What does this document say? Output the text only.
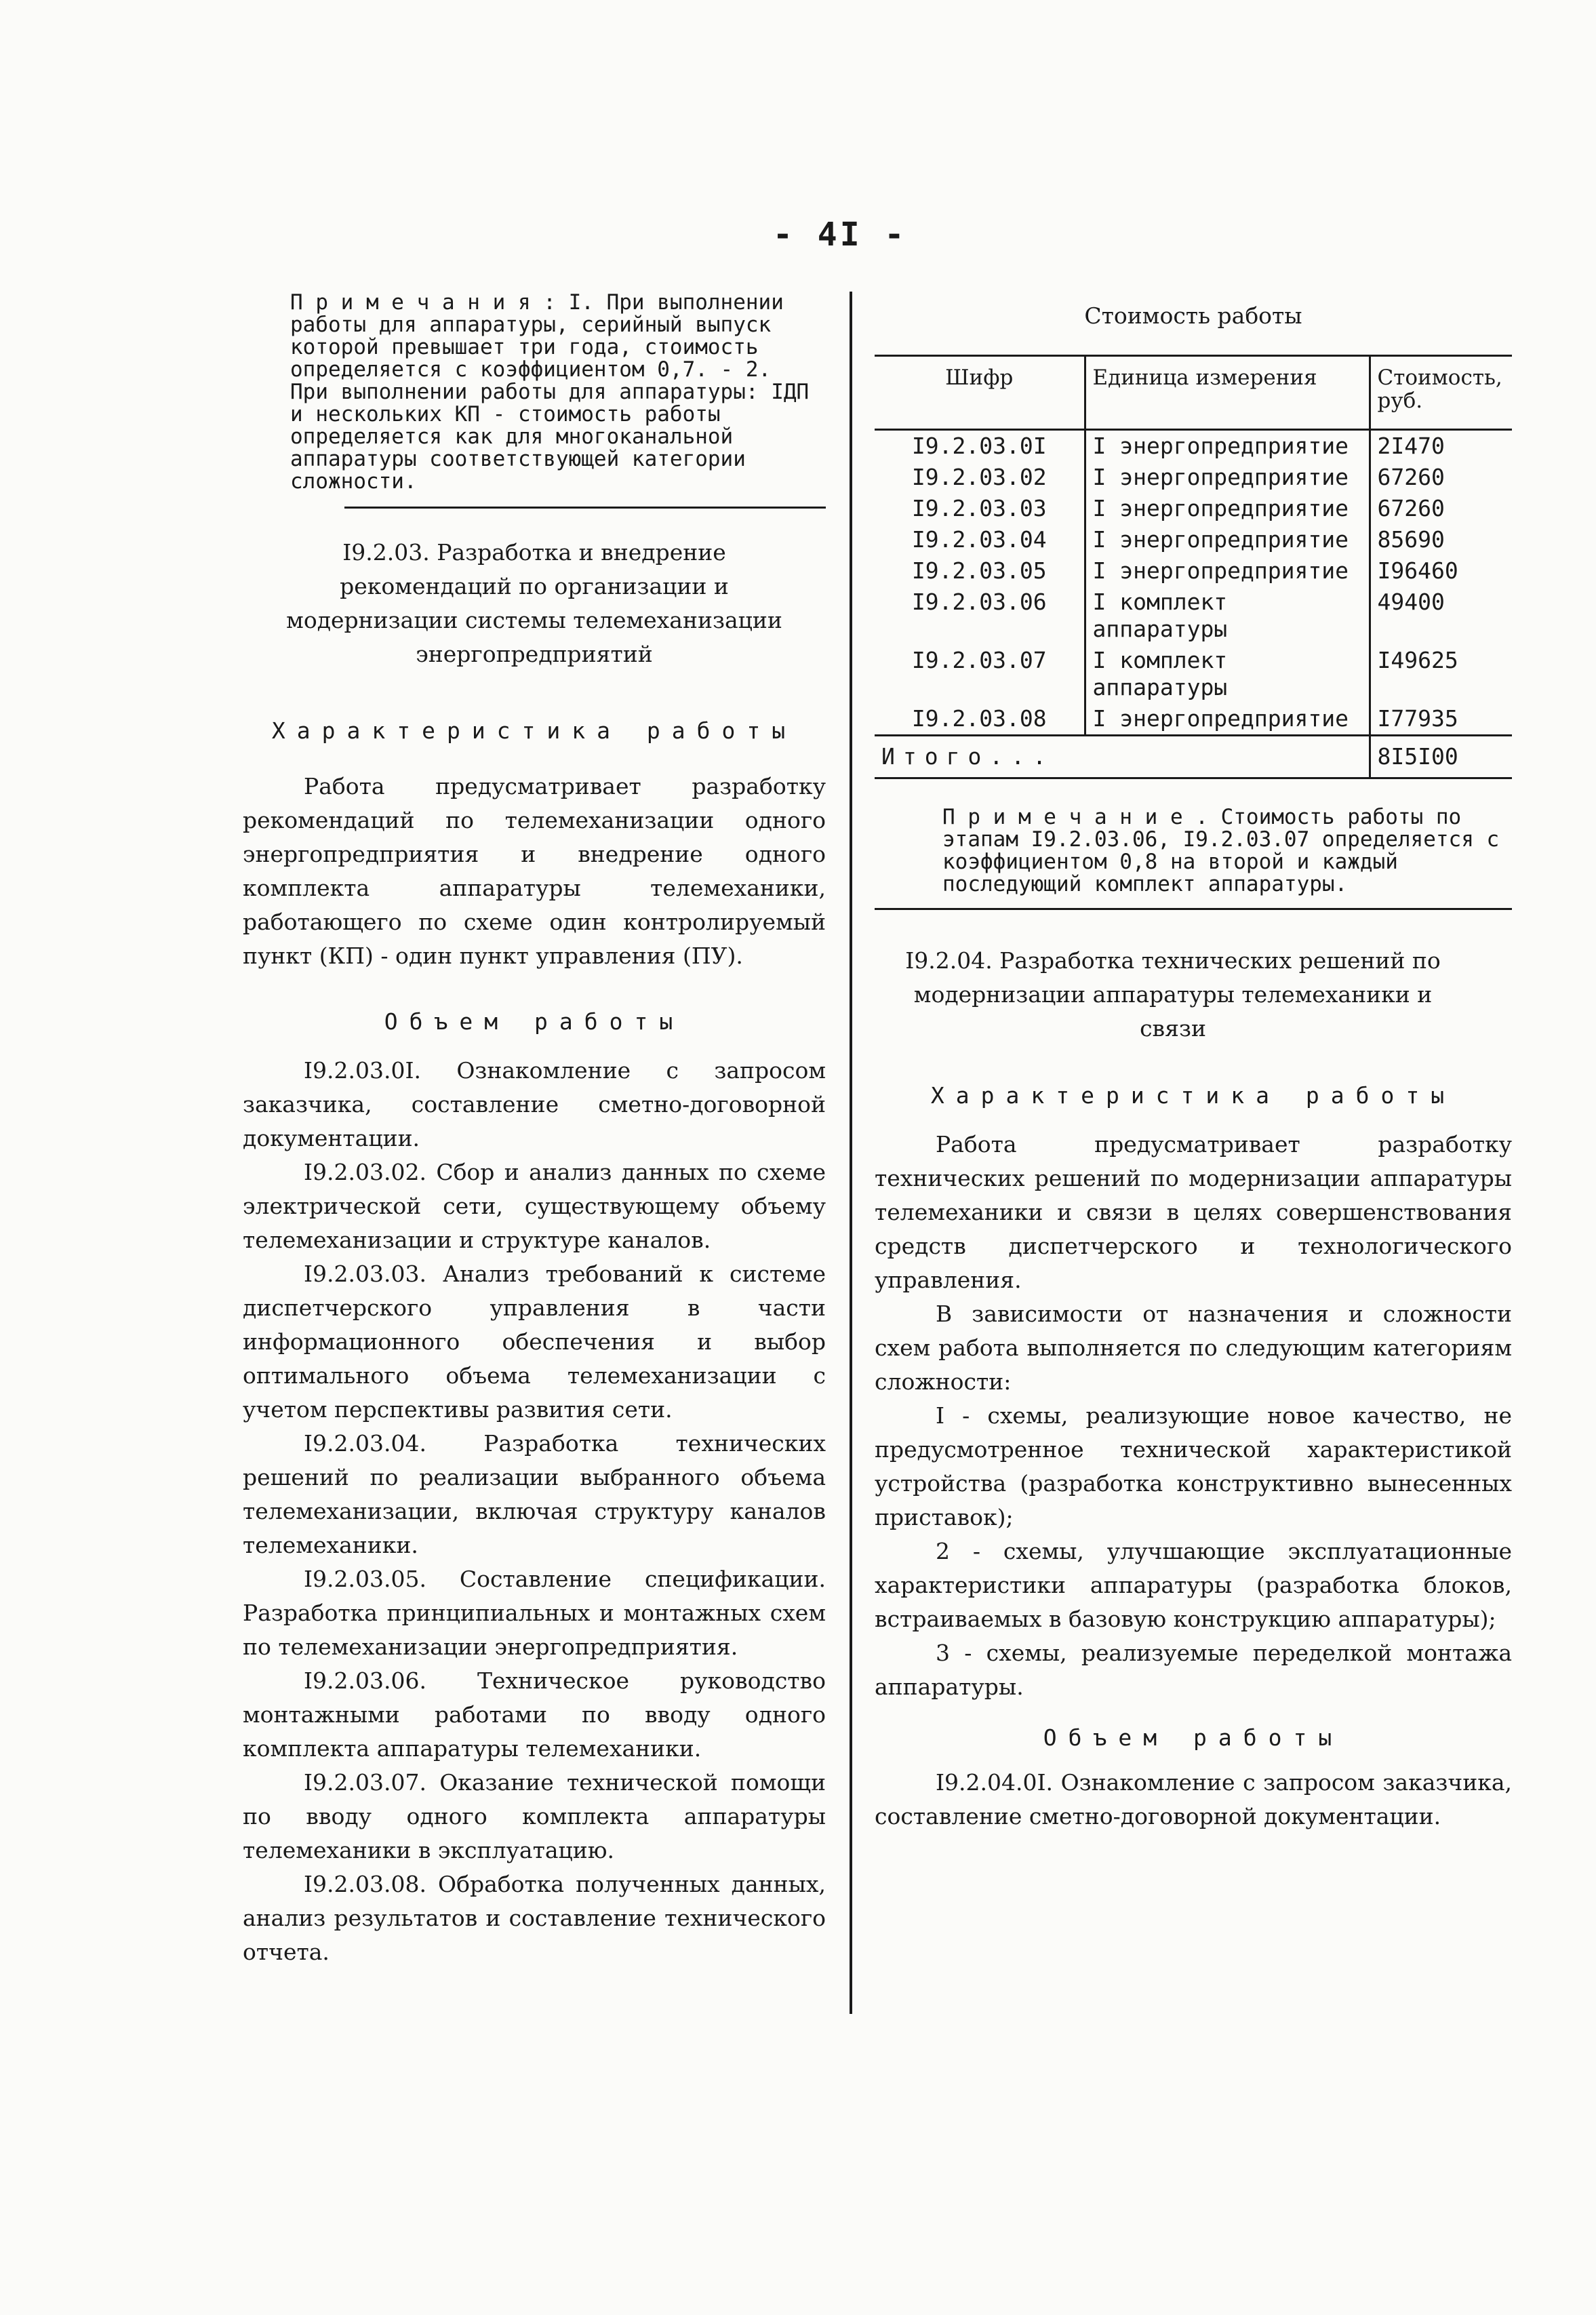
- 4I -

П р и м е ч а н и я : I. При выполнении работы для аппаратуры, серийный выпуск которой превышает три года, стоимость определяется с коэффициентом 0,7. - 2. При выполнении работы для аппаратуры: IДП и нескольких КП - стоимость работы определяется как для многоканальной аппаратуры соответствующей категории сложности.

I9.2.03. Разработка и внедрение рекомендаций по организации и модернизации системы телемеханизации энергопредприятий

Характеристика работы

Работа предусматривает разработку рекомендаций по телемеханизации одного энергопредприятия и внедрение одного комплекта аппаратуры телемеханики, работающего по схеме один контролируемый пункт (КП) - один пункт управления (ПУ).

Объем работы

I9.2.03.0I. Ознакомление с запросом заказчика, составление сметно-договорной документации.

I9.2.03.02. Сбор и анализ данных по схеме электрической сети, существующему объему телемеханизации и структуре каналов.

I9.2.03.03. Анализ требований к системе диспетчерского управления в части информационного обеспечения и выбор оптимального объема телемеханизации с учетом перспективы развития сети.

I9.2.03.04. Разработка технических решений по реализации выбранного объема телемеханизации, включая структуру каналов телемеханики.

I9.2.03.05. Составление спецификации. Разработка принципиальных и монтажных схем по телемеханизации энергопредприятия.

I9.2.03.06. Техническое руководство монтажными работами по вводу одного комплекта аппаратуры телемеханики.

I9.2.03.07. Оказание технической помощи по вводу одного комплекта аппаратуры телемеханики в эксплуатацию.

I9.2.03.08. Обработка полученных данных, анализ результатов и составление технического отчета.

Стоимость работы

Шифр	Единица измерения	Стоимость, руб.
I9.2.03.0I	I энергопредприятие	2I470
I9.2.03.02	I энергопредприятие	67260
I9.2.03.03	I энергопредприятие	67260
I9.2.03.04	I энергопредприятие	85690
I9.2.03.05	I энергопредприятие	I96460
I9.2.03.06	I комплект аппаратуры	49400
I9.2.03.07	I комплект аппаратуры	I49625
I9.2.03.08	I энергопредприятие	I77935
Итого...		8I5I00

П р и м е ч а н и е . Стоимость работы по этапам I9.2.03.06, I9.2.03.07 определяется с коэффициентом 0,8 на второй и каждый последующий комплект аппаратуры.

I9.2.04. Разработка технических решений по модернизации аппаратуры телемеханики и связи

Характеристика работы

Работа предусматривает разработку технических решений по модернизации аппаратуры телемеханики и связи в целях совершенствования средств диспетчерского и технологического управления.

В зависимости от назначения и сложности схем работа выполняется по следующим категориям сложности:

I - схемы, реализующие новое качество, не предусмотренное технической характеристикой устройства (разработка конструктивно вынесенных приставок);

2 - схемы, улучшающие эксплуатационные характеристики аппаратуры (разработка блоков, встраиваемых в базовую конструкцию аппаратуры);

3 - схемы, реализуемые переделкой монтажа аппаратуры.

Объем работы

I9.2.04.0I. Ознакомление с запросом заказчика, составление сметно-договорной документации.
